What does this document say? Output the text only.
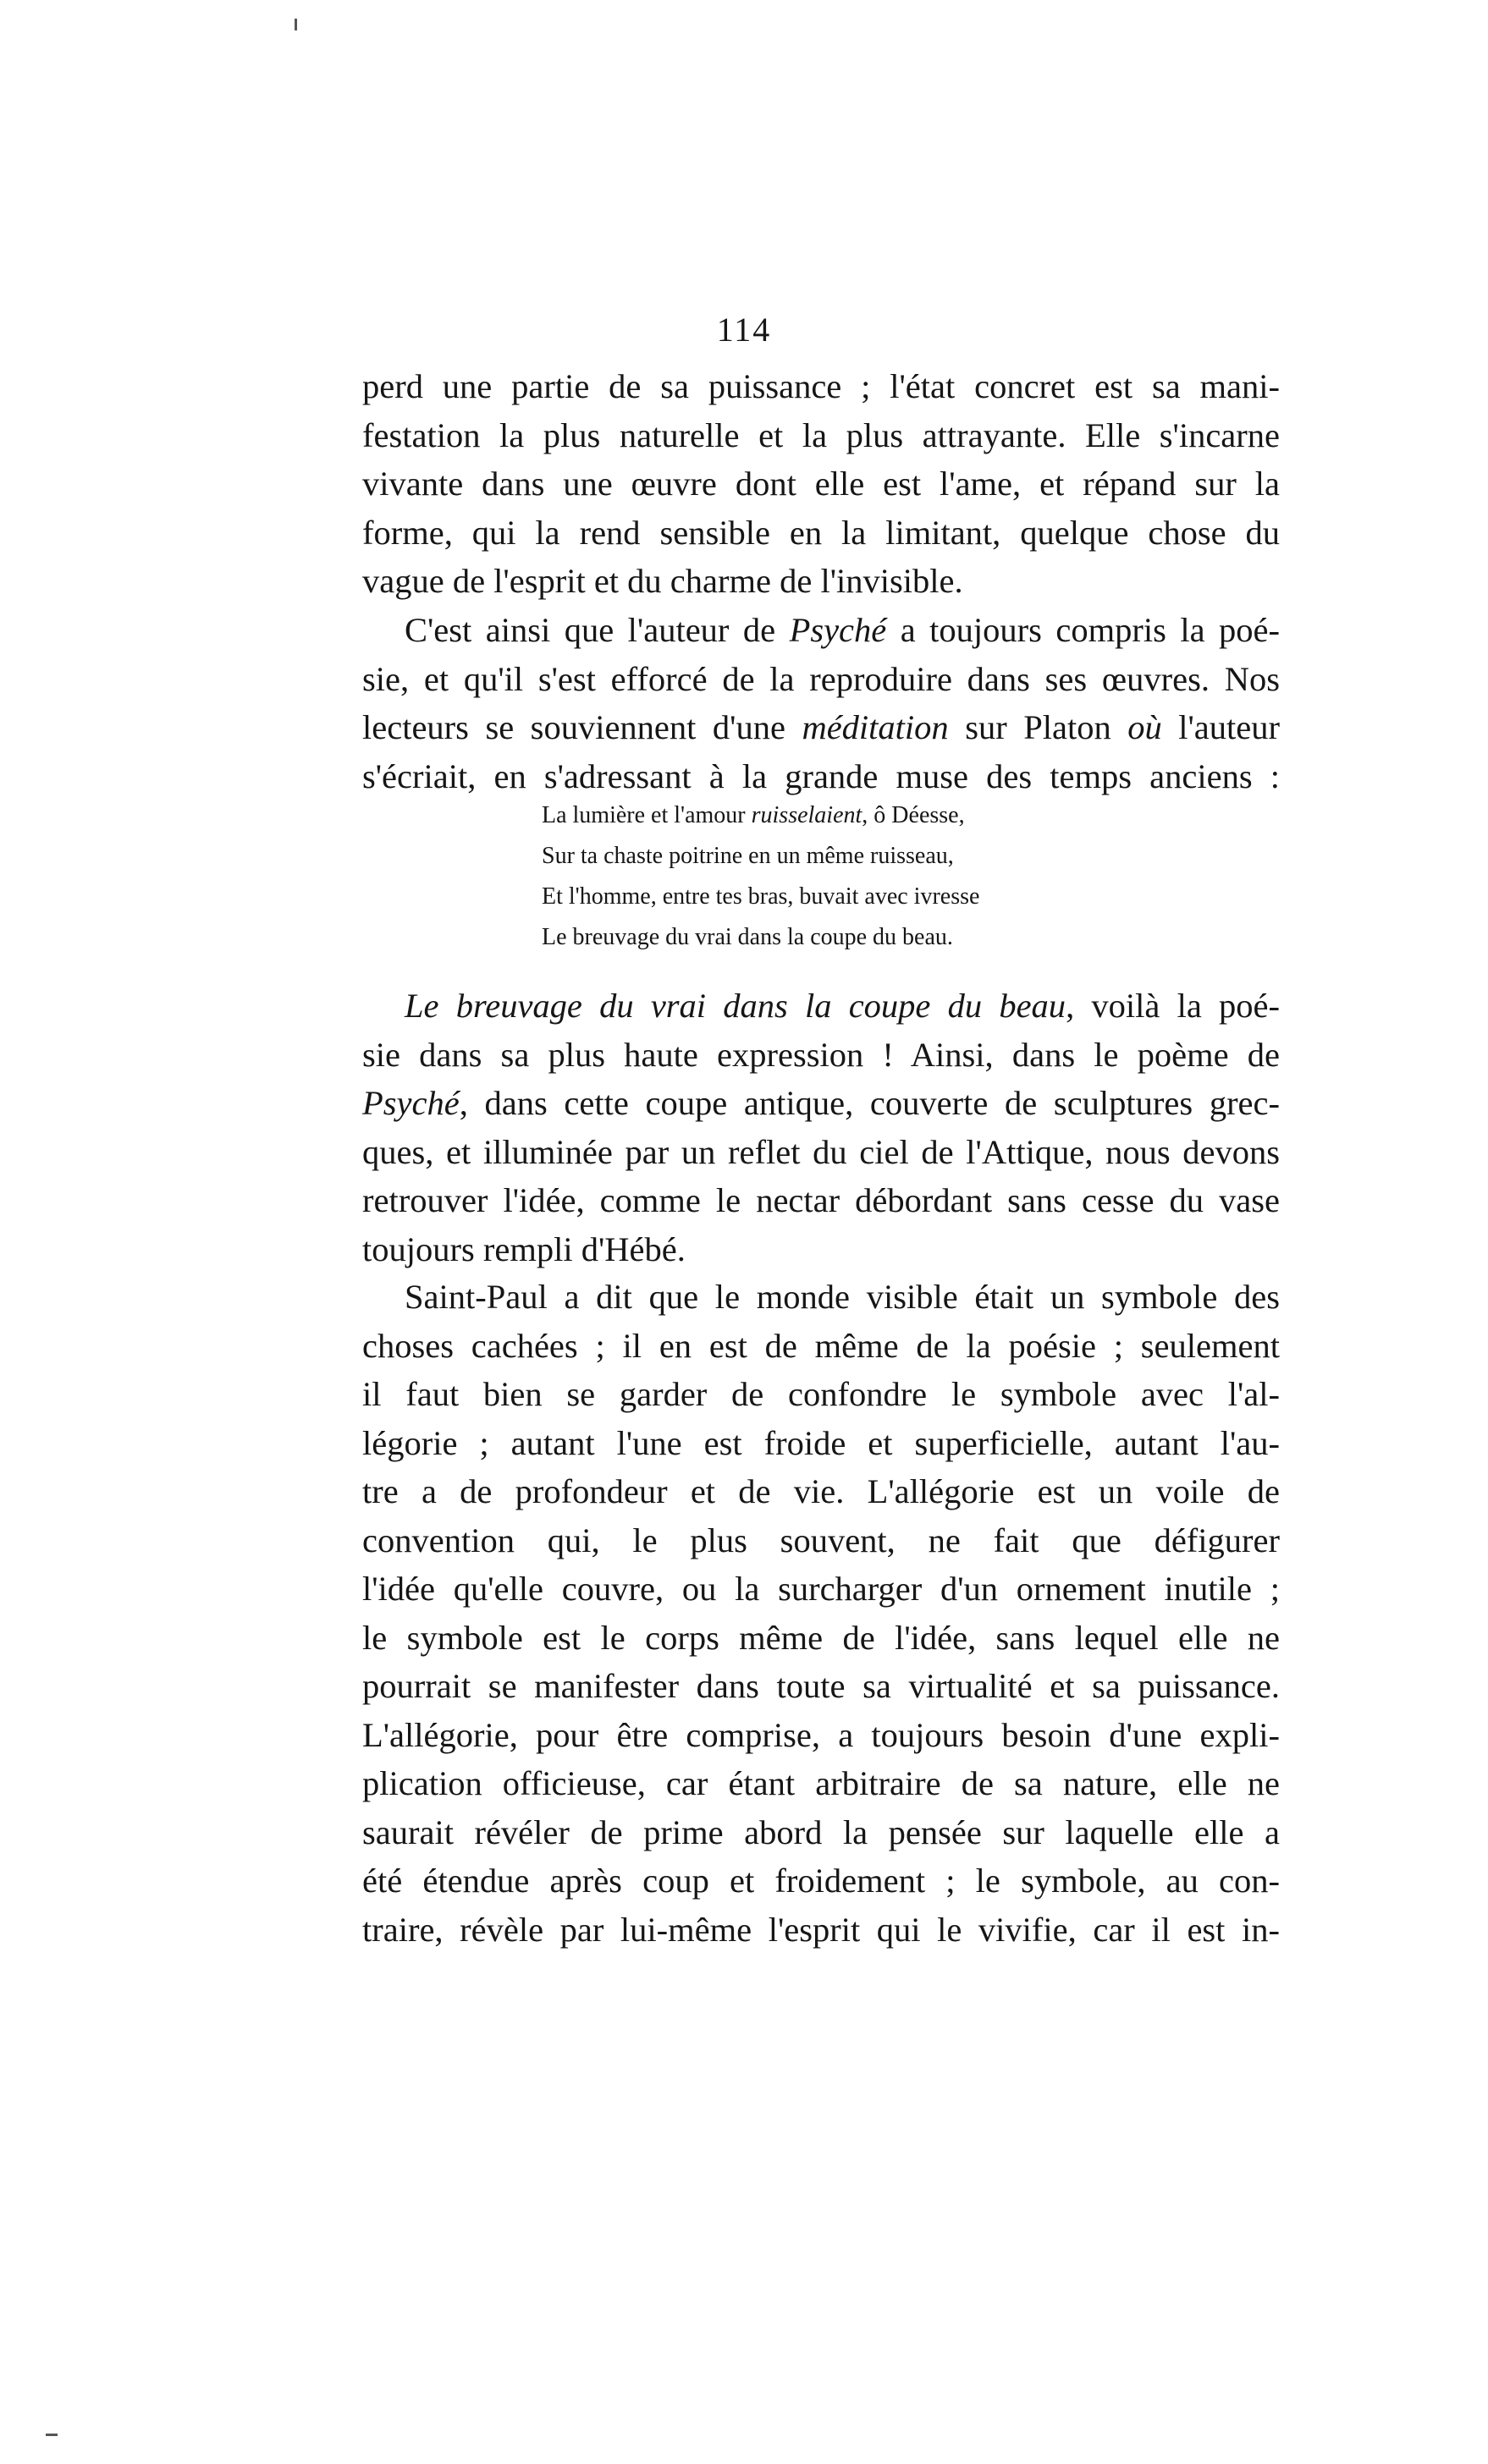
114
perd une partie de sa puissance ; l'état concret est sa mani-
festation la plus naturelle et la plus attrayante. Elle s'incarne
vivante dans une œuvre dont elle est l'ame, et répand sur la
forme, qui la rend sensible en la limitant, quelque chose du
vague de l'esprit et du charme de l'invisible.
C'est ainsi que l'auteur de Psyché a toujours compris la poé-
sie, et qu'il s'est efforcé de la reproduire dans ses œuvres. Nos
lecteurs se souviennent d'une méditation sur Platon où l'auteur
s'écriait, en s'adressant à la grande muse des temps anciens :
La lumière et l'amour ruisselaient, ô Déesse,
Sur ta chaste poitrine en un même ruisseau,
Et l'homme, entre tes bras, buvait avec ivresse
Le breuvage du vrai dans la coupe du beau.
Le breuvage du vrai dans la coupe du beau, voilà la poé-
sie dans sa plus haute expression ! Ainsi, dans le poème de
Psyché, dans cette coupe antique, couverte de sculptures grec-
ques, et illuminée par un reflet du ciel de l'Attique, nous devons
retrouver l'idée, comme le nectar débordant sans cesse du vase
toujours rempli d'Hébé.
Saint-Paul a dit que le monde visible était un symbole des
choses cachées ; il en est de même de la poésie ; seulement
il faut bien se garder de confondre le symbole avec l'al-
légorie ; autant l'une est froide et superficielle, autant l'au-
tre a de profondeur et de vie. L'allégorie est un voile de
convention qui, le plus souvent, ne fait que défigurer
l'idée qu'elle couvre, ou la surcharger d'un ornement inutile ;
le symbole est le corps même de l'idée, sans lequel elle ne
pourrait se manifester dans toute sa virtualité et sa puissance.
L'allégorie, pour être comprise, a toujours besoin d'une expli-
plication officieuse, car étant arbitraire de sa nature, elle ne
saurait révéler de prime abord la pensée sur laquelle elle a
été étendue après coup et froidement ; le symbole, au con-
traire, révèle par lui-même l'esprit qui le vivifie, car il est in-
